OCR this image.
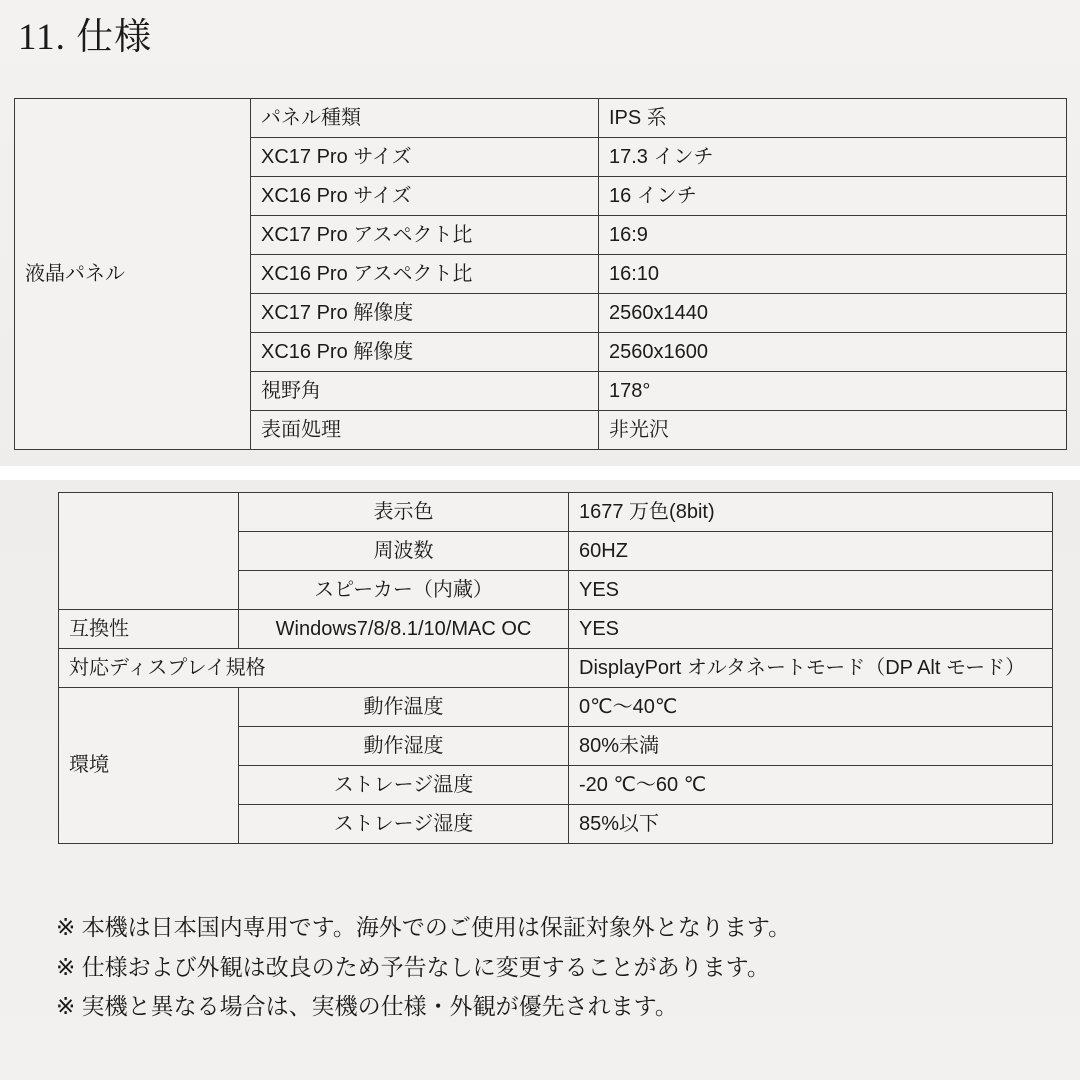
11. 仕様
液晶パネル	パネル種類	IPS 系
	XC17 Pro サイズ	17.3 インチ
	XC16 Pro サイズ	16 インチ
	XC17 Pro アスペクト比	16:9
	XC16 Pro アスペクト比	16:10
	XC17 Pro 解像度	2560x1440
	XC16 Pro 解像度	2560x1600
	視野角	178°
	表面処理	非光沢
	表示色	1677 万色(8bit)
	周波数	60HZ
	スピーカー（内蔵）	YES
互換性	Windows7/8/8.1/10/MAC OC	YES
対応ディスプレイ規格		DisplayPort オルタネートモード（DP Alt モード）
環境	動作温度	0℃～40℃
	動作湿度	80%未満
	ストレージ温度	-20 ℃～60 ℃
	ストレージ湿度	85%以下
※ 本機は日本国内専用です。海外でのご使用は保証対象外となります。
※ 仕様および外観は改良のため予告なしに変更することがあります。
※ 実機と異なる場合は、実機の仕様・外観が優先されます。
